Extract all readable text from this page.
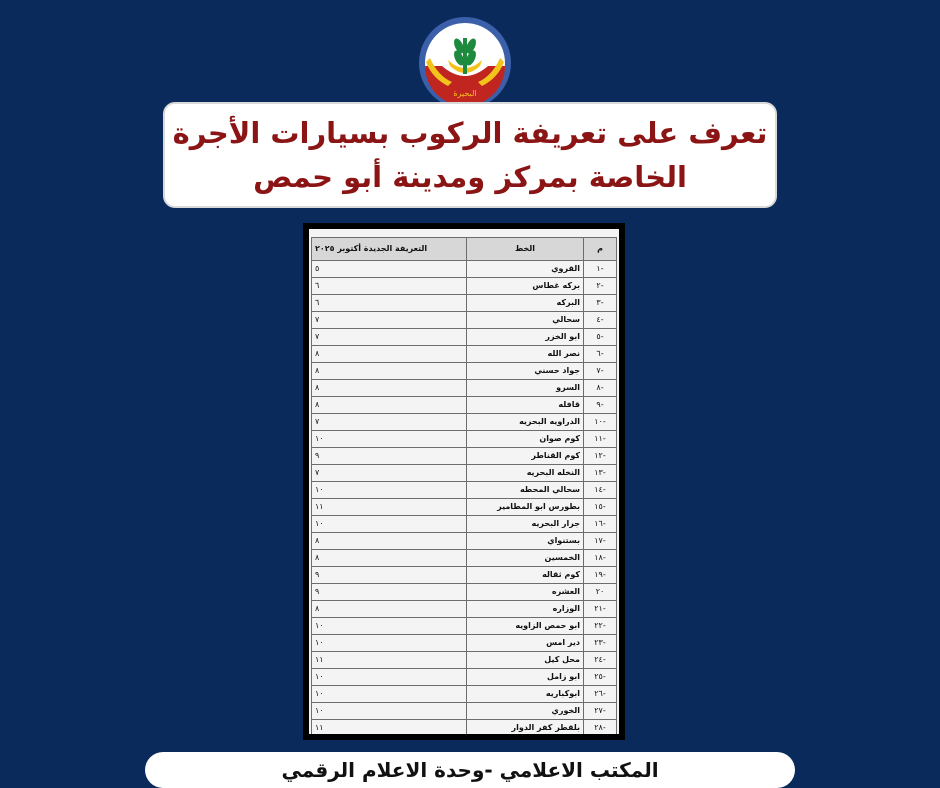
البحيرة
تعرف على تعريفة الركوب بسيارات الأجرة
الخاصة بمركز ومدينة أبو حمص
م	الخط	التعريفة الجديدة أكتوبر ٢٠٢٥
-١	القروي	٥
-٢	بركه غطاس	٦
-٣	البركه	٦
-٤	سحالي	٧
-٥	ابو الخزر	٧
-٦	نصر الله	٨
-٧	جواد حسني	٨
-٨	السرو	٨
-٩	قافله	٨
-١٠	الدراويه البحريه	٧
-١١	كوم صوان	١٠
-١٢	كوم القناطر	٩
-١٣	النخله البحريه	٧
-١٤	سحالي المحطه	١٠
-١٥	بطورس ابو المطامير	١١
-١٦	جرار البحريه	١٠
-١٧	بستنواي	٨
-١٨	الخمسين	٨
-١٩	كوم ثقاله	٩
٢٠	العشره	٩
-٢١	الوزاره	٨
-٢٢	ابو حمص الزاويه	١٠
-٢٣	دير امس	١٠
-٢٤	محل كيل	١١
-٢٥	ابو زامل	١٠
-٢٦	ابوكباريه	١٠
-٢٧	الخوري	١٠
-٢٨	بلقطر كفر الدوار	١١
المكتب الاعلامي -وحدة الاعلام الرقمي
